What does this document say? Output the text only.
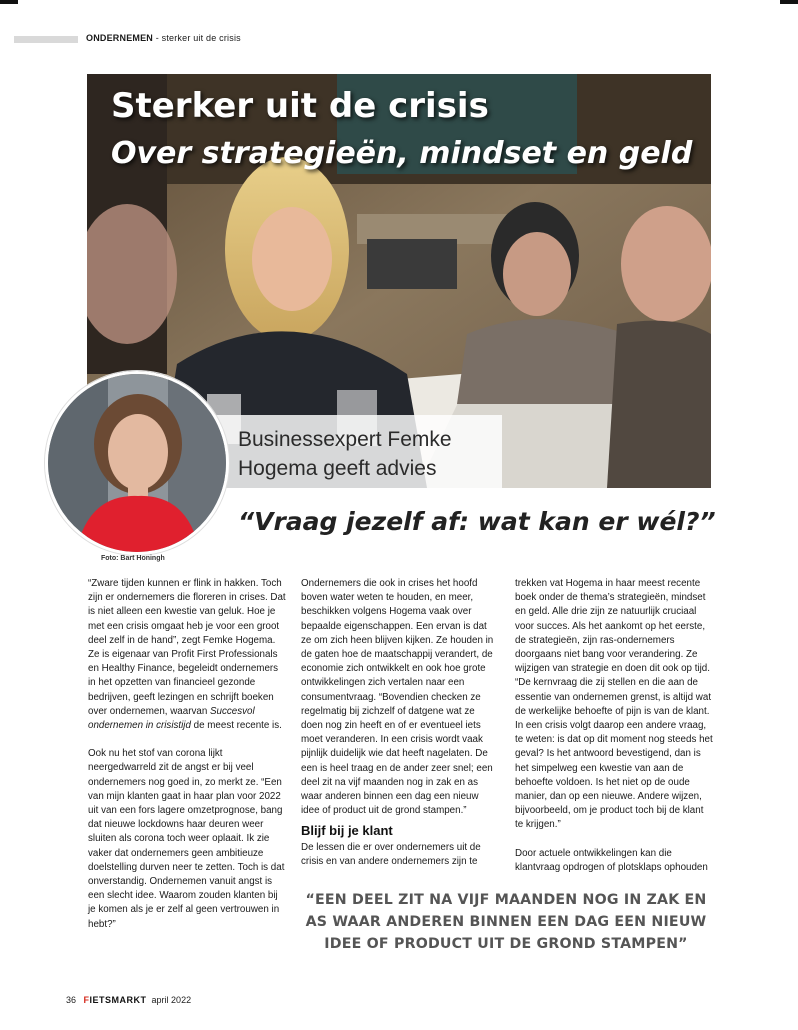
ONDERNEMEN - sterker uit de crisis
Sterker uit de crisis
Over strategieën, mindset en geld
Businessexpert Femke Hogema geeft advies
Foto: Bart Honingh
“Vraag jezelf af: wat kan er wél?”

“Zware tijden kunnen er flink in hakken. Toch zijn er ondernemers die floreren in crises. Dat is niet alleen een kwestie van geluk. Hoe je met een crisis omgaat heb je voor een groot deel zelf in de hand”, zegt Femke Hogema. Ze is eigenaar van Profit First Professionals en Healthy Finance, begeleidt ondernemers in het opzetten van financieel gezonde bedrijven, geeft lezingen en schrijft boeken over ondernemen, waarvan Succesvol ondernemen in crisistijd de meest recente is.

Ook nu het stof van corona lijkt neergedwarreld zit de angst er bij veel ondernemers nog goed in, zo merkt ze. “Een van mijn klanten gaat in haar plan voor 2022 uit van een fors lagere omzetprognose, bang dat nieuwe lockdowns haar deuren weer sluiten als corona toch weer oplaait. Ik zie vaker dat ondernemers geen ambitieuze doelstelling durven neer te zetten. Toch is dat onverstandig. Ondernemen vanuit angst is een slecht idee. Waarom zouden klanten bij je komen als je er zelf al geen vertrouwen in hebt?”

Ondernemers die ook in crises het hoofd boven water weten te houden, en meer, beschikken volgens Hogema vaak over bepaalde eigenschappen. Een ervan is dat ze om zich heen blijven kijken. Ze houden in de gaten hoe de maatschappij verandert, de economie zich ontwikkelt en ook hoe grote ontwikkelingen zich vertalen naar een consumentvraag. “Bovendien checken ze regelmatig bij zichzelf of datgene wat ze doen nog zin heeft en of er eventueel iets moet veranderen. In een crisis wordt vaak pijnlijk duidelijk wie dat heeft nagelaten. De een is heel traag en de ander zeer snel; een deel zit na vijf maanden nog in zak en as waar anderen binnen een dag een nieuw idee of product uit de grond stampen.”

Blijf bij je klant

De lessen die er over ondernemers uit de crisis en van andere ondernemers zijn te

trekken vat Hogema in haar meest recente boek onder de thema’s strategieën, mindset en geld. Alle drie zijn ze natuurlijk cruciaal voor succes. Als het aankomt op het eerste, de strategieën, zijn ras-ondernemers doorgaans niet bang voor verandering. Ze wijzigen van strategie en doen dit ook op tijd. “De kernvraag die zij stellen en die aan de essentie van ondernemen grenst, is altijd wat de werkelijke behoefte of pijn is van de klant. In een crisis volgt daarop een andere vraag, te weten: is dat op dit moment nog steeds het geval? Is het antwoord bevestigend, dan is het simpelweg een kwestie van aan de behoefte voldoen. Is het niet op de oude manier, dan op een nieuwe. Andere wijzen, bijvoorbeeld, om je product toch bij de klant te krijgen.”

Door actuele ontwikkelingen kan die klantvraag opdrogen of plotsklaps ophouden

“EEN DEEL ZIT NA VIJF MAANDEN NOG IN ZAK EN AS WAAR ANDEREN BINNEN EEN DAG EEN NIEUW IDEE OF PRODUCT UIT DE GROND STAMPEN”
36 FIETSMARKT april 2022
